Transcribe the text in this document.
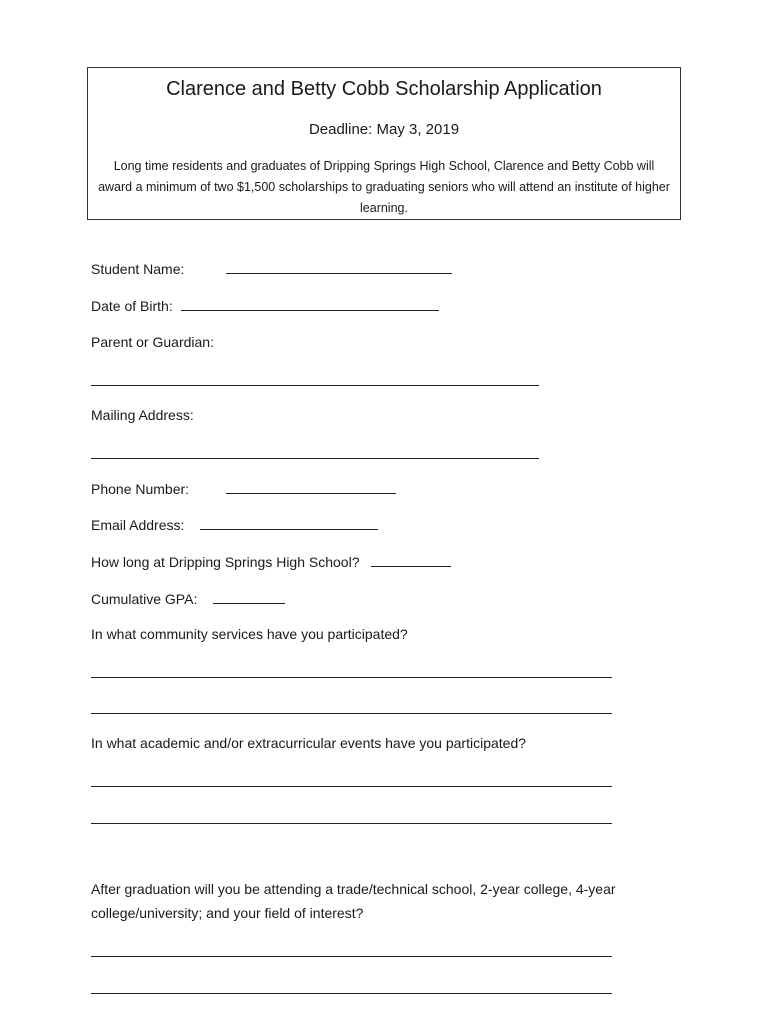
Clarence and Betty Cobb Scholarship Application
Deadline: May 3, 2019
Long time residents and graduates of Dripping Springs High School, Clarence and Betty Cobb will award a minimum of two $1,500 scholarships to graduating seniors who will attend an institute of higher learning.
Student Name:
Date of Birth:
Parent or Guardian:
Mailing Address:
Phone Number:
Email Address:
How long at Dripping Springs High School?
Cumulative GPA:
In what community services have you participated?
In what academic and/or extracurricular events have you participated?
After graduation will you be attending a trade/technical school, 2-year college, 4-year college/university; and your field of interest?
